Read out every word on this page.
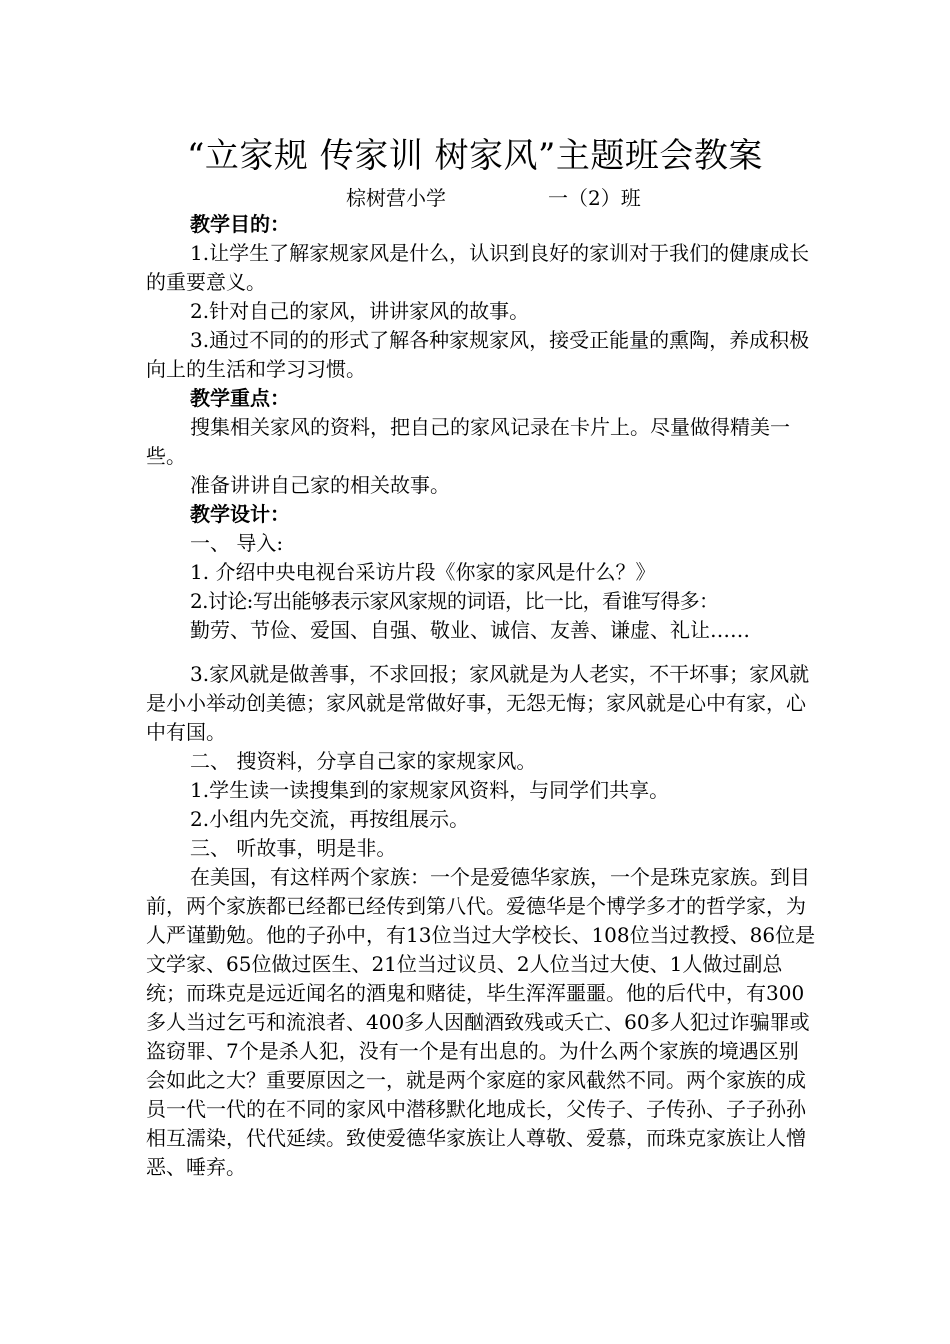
“立家规 传家训 树家风”主题班会教案
棕树营小学	一（2）班

教学目的：

1.让学生了解家规家风是什么，认识到良好的家训对于我们的健康成长的重要意义。

2.针对自己的家风，讲讲家风的故事。

3.通过不同的的形式了解各种家规家风，接受正能量的熏陶，养成积极向上的生活和学习习惯。

教学重点：

搜集相关家风的资料，把自己的家风记录在卡片上。尽量做得精美一些。

准备讲讲自己家的相关故事。

教学设计：

一、 导入:

1. 介绍中央电视台采访片段《你家的家风是什么？》

2.讨论:写出能够表示家风家规的词语，比一比，看谁写得多：

勤劳、节俭、爱国、自强、敬业、诚信、友善、谦虚、礼让……

3.家风就是做善事，不求回报；家风就是为人老实，不干坏事；家风就是小小举动创美德；家风就是常做好事，无怨无悔；家风就是心中有家，心中有国。

二、 搜资料，分享自己家的家规家风。

1.学生读一读搜集到的家规家风资料，与同学们共享。

2.小组内先交流，再按组展示。

三、 听故事，明是非。

在美国，有这样两个家族：一个是爱德华家族，一个是珠克家族。到目前，两个家族都已经都已经传到第八代。爱德华是个博学多才的哲学家，为人严谨勤勉。他的子孙中，有13位当过大学校长、108位当过教授、86位是文学家、65位做过医生、21位当过议员、2人位当过大使、1人做过副总统；而珠克是远近闻名的酒鬼和赌徒，毕生浑浑噩噩。他的后代中，有300多人当过乞丐和流浪者、400多人因酗酒致残或夭亡、60多人犯过诈骗罪或盗窃罪、7个是杀人犯，没有一个是有出息的。为什么两个家族的境遇区别会如此之大？重要原因之一，就是两个家庭的家风截然不同。两个家族的成员一代一代的在不同的家风中潜移默化地成长，父传子、子传孙、子子孙孙相互濡染，代代延续。致使爱德华家族让人尊敬、爱慕，而珠克家族让人憎恶、唾弃。
